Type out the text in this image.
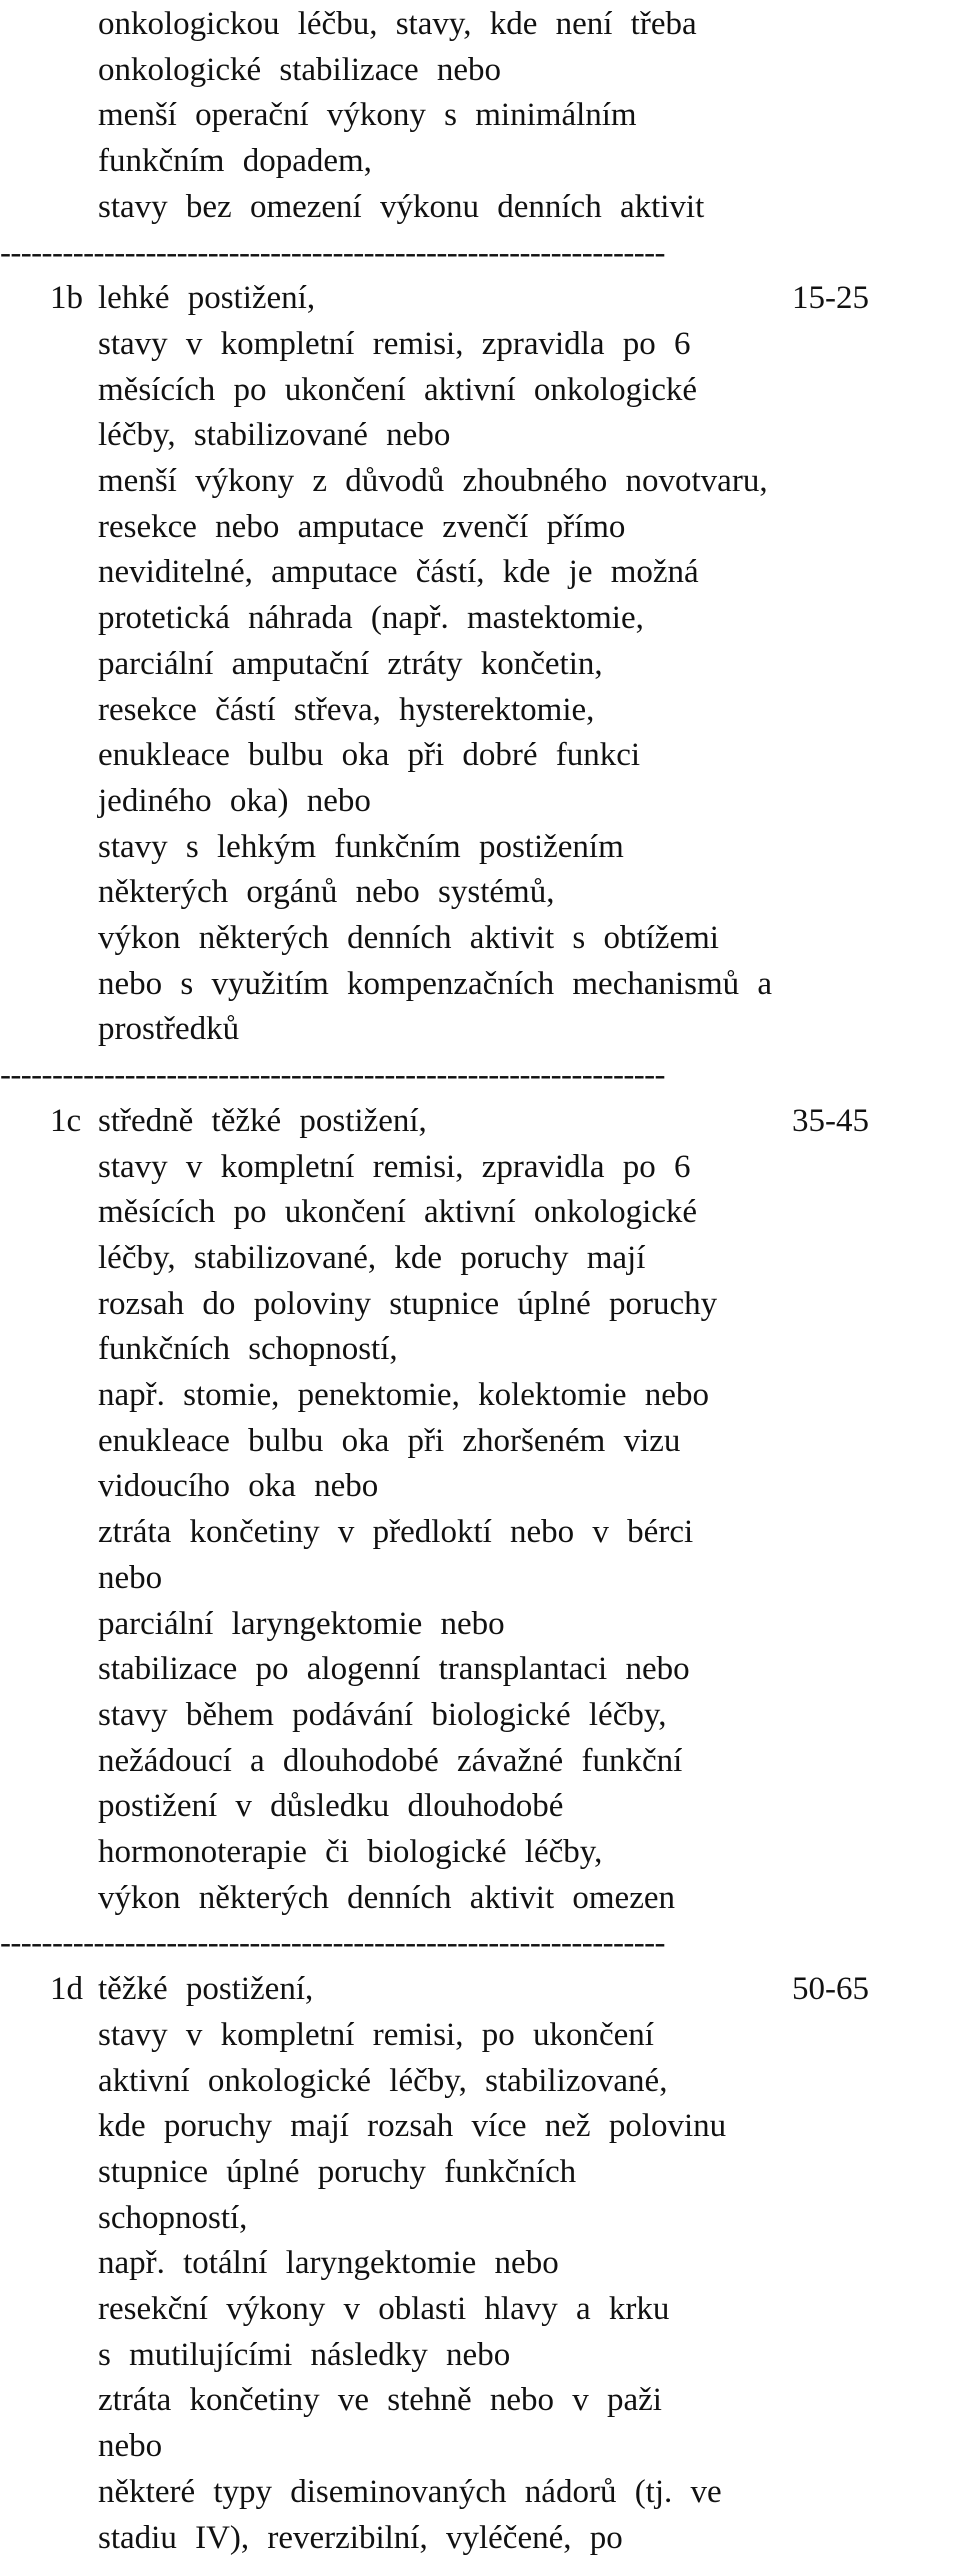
onkologickou léčbu, stavy, kde není třeba
onkologické stabilizace nebo
menší operační výkony s minimálním
funkčním dopadem,
stavy bez omezení výkonu denních aktivit
----------------------------------------------------------------
1b lehké postižení,	15-25
stavy v kompletní remisi, zpravidla po 6
měsících po ukončení aktivní onkologické
léčby, stabilizované nebo
menší výkony z důvodů zhoubného novotvaru,
resekce nebo amputace zvenčí přímo
neviditelné, amputace částí, kde je možná
protetická náhrada (např. mastektomie,
parciální amputační ztráty končetin,
resekce částí střeva, hysterektomie,
enukleace bulbu oka při dobré funkci
jediného oka) nebo
stavy s lehkým funkčním postižením
některých orgánů nebo systémů,
výkon některých denních aktivit s obtížemi
nebo s využitím kompenzačních mechanismů a
prostředků
----------------------------------------------------------------
1c středně těžké postižení,	35-45
stavy v kompletní remisi, zpravidla po 6
měsících po ukončení aktivní onkologické
léčby, stabilizované, kde poruchy mají
rozsah do poloviny stupnice úplné poruchy
funkčních schopností,
např. stomie, penektomie, kolektomie nebo
enukleace bulbu oka při zhoršeném vizu
vidoucího oka nebo
ztráta končetiny v předloktí nebo v bérci
nebo
parciální laryngektomie nebo
stabilizace po alogenní transplantaci nebo
stavy během podávání biologické léčby,
nežádoucí a dlouhodobé závažné funkční
postižení v důsledku dlouhodobé
hormonoterapie či biologické léčby,
výkon některých denních aktivit omezen
----------------------------------------------------------------
1d těžké postižení,	50-65
stavy v kompletní remisi, po ukončení
aktivní onkologické léčby, stabilizované,
kde poruchy mají rozsah více než polovinu
stupnice úplné poruchy funkčních
schopností,
např. totální laryngektomie nebo
resekční výkony v oblasti hlavy a krku
s mutilujícími následky nebo
ztráta končetiny ve stehně nebo v paži
nebo
některé typy diseminovaných nádorů (tj. ve
stadiu IV), reverzibilní, vyléčené, po
